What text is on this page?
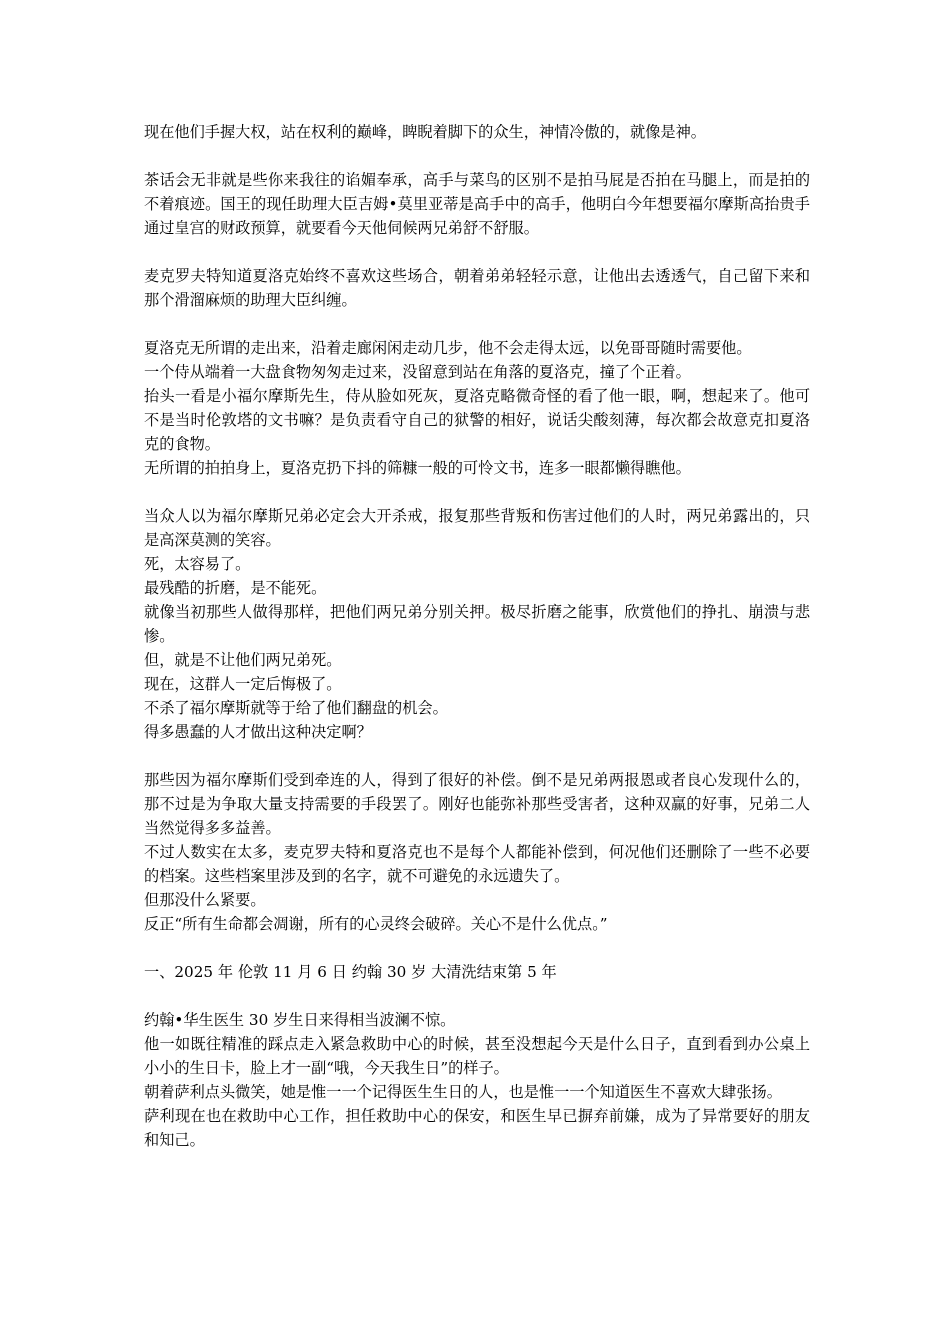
现在他们手握大权，站在权利的巅峰，睥睨着脚下的众生，神情冷傲的，就像是神。

茶话会无非就是些你来我往的谄媚奉承，高手与菜鸟的区别不是拍马屁是否拍在马腿上，而是拍的不着痕迹。国王的现任助理大臣吉姆•莫里亚蒂是高手中的高手，他明白今年想要福尔摩斯高抬贵手通过皇宫的财政预算，就要看今天他伺候两兄弟舒不舒服。

麦克罗夫特知道夏洛克始终不喜欢这些场合，朝着弟弟轻轻示意，让他出去透透气，自己留下来和那个滑溜麻烦的助理大臣纠缠。

夏洛克无所谓的走出来，沿着走廊闲闲走动几步，他不会走得太远，以免哥哥随时需要他。

一个侍从端着一大盘食物匆匆走过来，没留意到站在角落的夏洛克，撞了个正着。

抬头一看是小福尔摩斯先生，侍从脸如死灰，夏洛克略微奇怪的看了他一眼，啊，想起来了。他可不是当时伦敦塔的文书嘛？是负责看守自己的狱警的相好，说话尖酸刻薄，每次都会故意克扣夏洛克的食物。

无所谓的拍拍身上，夏洛克扔下抖的筛糠一般的可怜文书，连多一眼都懒得瞧他。

当众人以为福尔摩斯兄弟必定会大开杀戒，报复那些背叛和伤害过他们的人时，两兄弟露出的，只是高深莫测的笑容。

死，太容易了。

最残酷的折磨，是不能死。

就像当初那些人做得那样，把他们两兄弟分别关押。极尽折磨之能事，欣赏他们的挣扎、崩溃与悲惨。

但，就是不让他们两兄弟死。

现在，这群人一定后悔极了。

不杀了福尔摩斯就等于给了他们翻盘的机会。

得多愚蠢的人才做出这种决定啊？

那些因为福尔摩斯们受到牵连的人，得到了很好的补偿。倒不是兄弟两报恩或者良心发现什么的，那不过是为争取大量支持需要的手段罢了。刚好也能弥补那些受害者，这种双赢的好事，兄弟二人当然觉得多多益善。

不过人数实在太多，麦克罗夫特和夏洛克也不是每个人都能补偿到，何况他们还删除了一些不必要的档案。这些档案里涉及到的名字，就不可避免的永远遗失了。

但那没什么紧要。

反正“所有生命都会凋谢，所有的心灵终会破碎。关心不是什么优点。”

一、2025 年 伦敦 11 月 6 日 约翰 30 岁 大清洗结束第 5 年

约翰•华生医生 30 岁生日来得相当波澜不惊。

他一如既往精准的踩点走入紧急救助中心的时候，甚至没想起今天是什么日子，直到看到办公桌上小小的生日卡，脸上才一副“哦，今天我生日”的样子。

朝着萨利点头微笑，她是惟一一个记得医生生日的人，也是惟一一个知道医生不喜欢大肆张扬。

萨利现在也在救助中心工作，担任救助中心的保安，和医生早已摒弃前嫌，成为了异常要好的朋友和知己。
